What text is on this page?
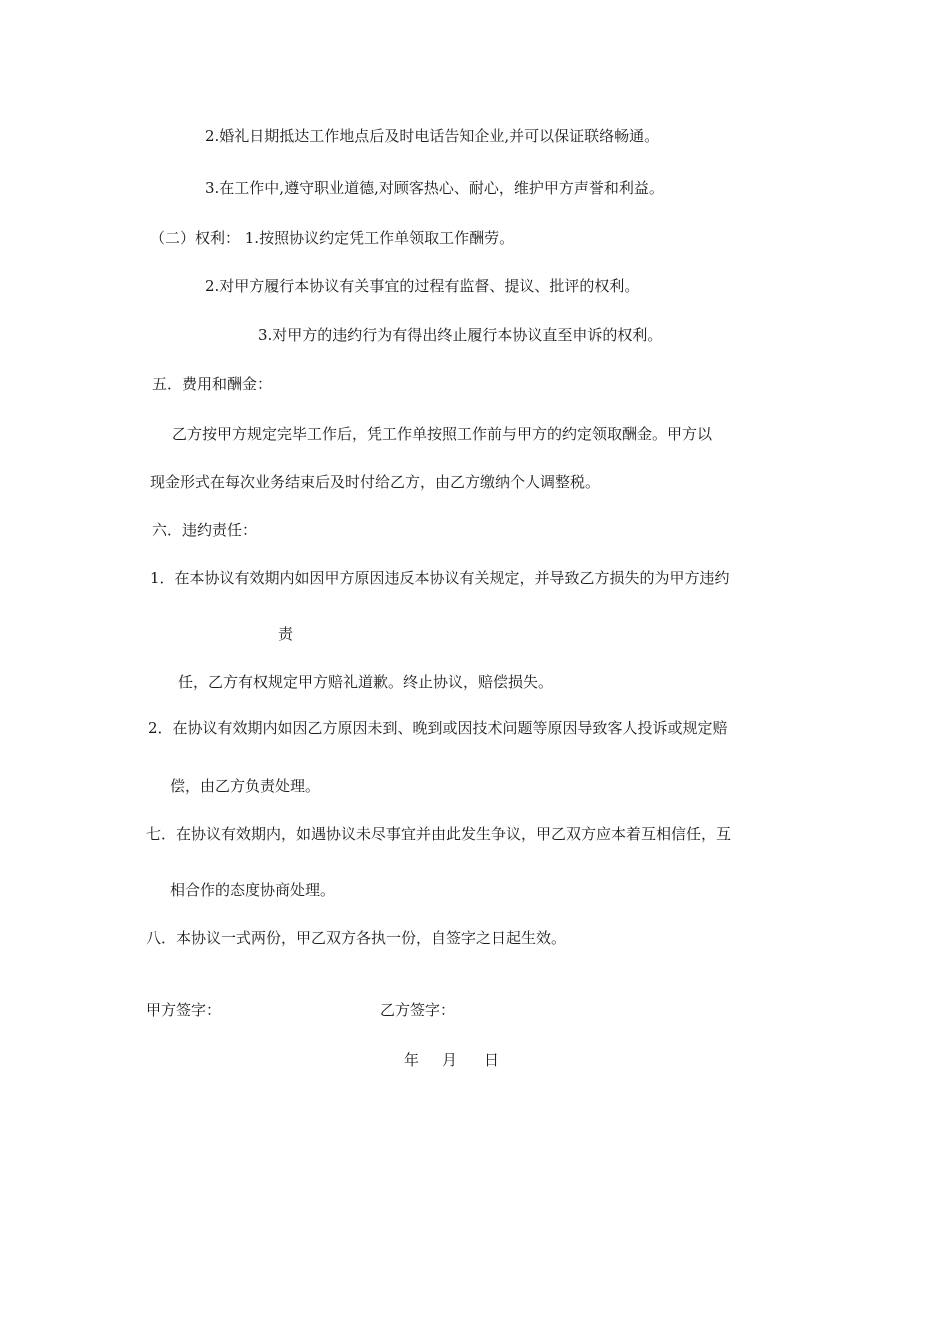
2.婚礼日期抵达工作地点后及时电话告知企业,并可以保证联络畅通。
3.在工作中,遵守职业道德,对顾客热心、耐心，维护甲方声誉和利益。
（二）权利： 1.按照协议约定凭工作单领取工作酬劳。
2.对甲方履行本协议有关事宜的过程有监督、提议、批评的权利。
3.对甲方的违约行为有得出终止履行本协议直至申诉的权利。
五．费用和酬金：
乙方按甲方规定完毕工作后，凭工作单按照工作前与甲方的约定领取酬金。甲方以
现金形式在每次业务结束后及时付给乙方，由乙方缴纳个人调整税。
六．违约责任：
1．在本协议有效期内如因甲方原因违反本协议有关规定，并导致乙方损失的为甲方违约
责
任，乙方有权规定甲方赔礼道歉。终止协议，赔偿损失。
2．在协议有效期内如因乙方原因未到、晚到或因技术问题等原因导致客人投诉或规定赔
偿，由乙方负责处理。
七．在协议有效期内，如遇协议未尽事宜并由此发生争议，甲乙双方应本着互相信任，互
相合作的态度协商处理。
八．本协议一式两份，甲乙双方各执一份，自签字之日起生效。
甲方签字：	乙方签字：
年 月 日
